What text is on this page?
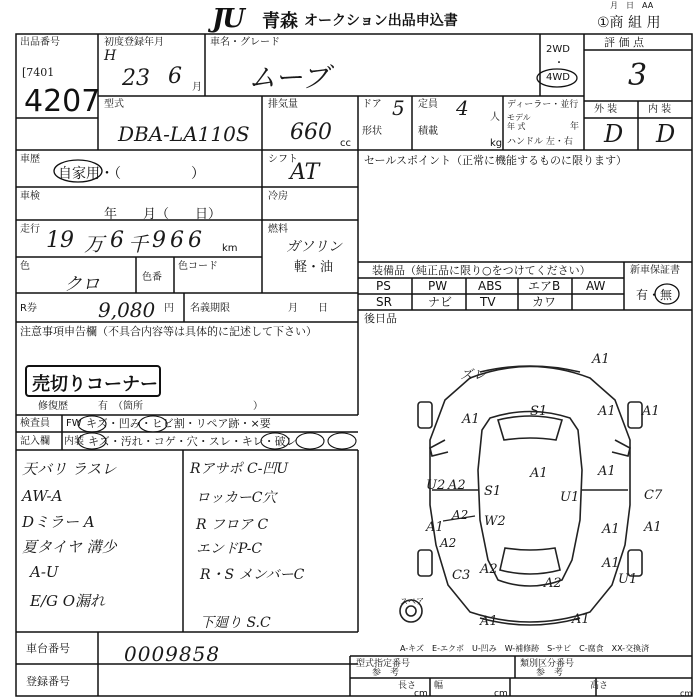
JU 青森 オークション出品申込書
月　日　AA
①商 組 用
出品番号
[7401
4207
初度登録年月
H
23 6 月
車名・グレード
ムーブ
2WD
・
4WD
評 価 点
3
外 装	内 装
D D
型式
DBA-LA110S
排気量
660 cc
ドア 5 定員 4 人
形状	積載
kg
ディーラー・並行
モデル
年 式	年
ハンドル 左・右
車歴
自家用・（　　　　　）
シフト
AT	セールスポイント（正常に機能するものに限ります）
車検
年　　月（　　日）
冷房
走行 19 万 6 千 966 km
燃料
ガソリン
軽・油
色
クロ	色番
色コード	装備品（純正品に限り○をつけてください）
PS	PW	ABS エアB AW
SR	ナビ TV	カワ
新車保証書
有・無
R券	9,080 円 名義期限	月　　日
後日品
注意事項申告欄（不具合内容等は具体的に記述して下さい）
売切りコーナー
修復歴	有　（箇所　　　　　　　　　　　）
検査員
記入欄
FW キズ・凹み・ヒビ割・リペア跡・×要
内装 キズ・汚れ・コゲ・穴・スレ・キレ・破レ
天バリ ラスレ
AW-A
Dミラー A
夏タイヤ 溝少
A-U
E/G O漏れ
Rアサポ C-凹U
ロッカーC穴
R フロア C
エンドP-C
R・S メンバーC
下廻り S.C
A1
ズレ
A1
S1	A1 A1
A1	A1
U2 A2 S1	U1
A1
A1
A2 W2
C7
A1
A1
A2
C3
A2
A2
U1
A1	A1
スペア
A-キズ　E-エクボ　U-凹み　W-補修跡　S-サビ　C-腐食　XX-交換済
車台番号	0009858
登録番号
型式指定番号
参　考
類別区分番号
参　考
長さ
cm
幅
cm
高さ
cm
